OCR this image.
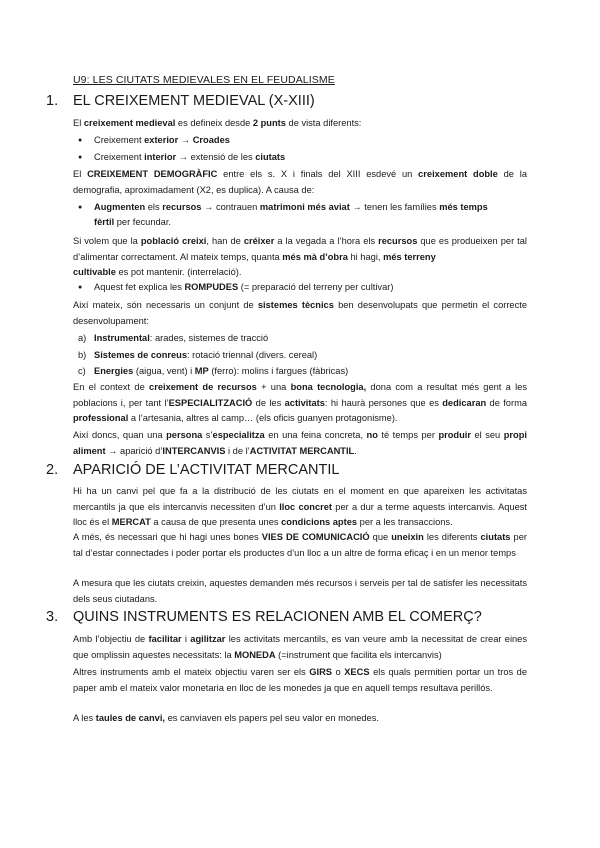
U9: LES CIUTATS MEDIEVALES EN EL FEUDALISME
1. EL CREIXEMENT MEDIEVAL (X-XIII)
El creixement medieval es defineix desde 2 punts de vista diferents:
● Creixement exterior → Croades
● Creixement interior → extensió de les ciutats
El CREIXEMENT DEMOGRÀFIC entre els s. X i finals del XIII esdevé un creixement doble de la demografia, aproximadament (X2, es duplica). A causa de:
● Augmenten els recursos → contrauen matrimoni més aviat → tenen les famílies més temps
fèrtil per fecundar.
Si volem que la població creixi, han de créixer a la vegada a l’hora els recursos que es produeixen per tal d’alimentar correctament. Al mateix temps, quanta més mà d’obra hi hagi, més terreny
cultivable es pot mantenir. (interrelació).
● Aquest fet explica les ROMPUDES (= preparació del terreny per cultivar)
Així mateix, són necessaris un conjunt de sistemes tècnics ben desenvolupats que permetin el correcte desenvolupament:
a) Instrumental: arades, sistemes de tracció
b) Sistemes de conreus: rotació triennal (divers. cereal)
c) Energies (aigua, vent) i MP (ferro): molins i fargues (fàbricas)
En el context de creixement de recursos + una bona tecnologia, dona com a resultat més gent a les poblacions i, per tant l’ESPECIALITZACIÓ de les activitats: hi haurà persones que es dedicaran de forma professional a l’artesania, altres al camp… (els oficis guanyen protagonisme).
Així doncs, quan una persona s’especialitza en una feina concreta, no té temps per produir el seu propi aliment → aparició d’INTERCANVIS i de l’ACTIVITAT MERCANTIL.
2. APARICIÓ DE L’ACTIVITAT MERCANTIL
Hi ha un canvi pel que fa a la distribució de les ciutats en el moment en que apareixen les activitatas mercantils ja que els intercanvis necessiten d’un lloc concret per a dur a terme aquests intercanvis. Aquest lloc és el MERCAT a causa de que presenta unes condicions aptes per a les transaccions.
A més, és necessari que hi hagi unes bones VIES DE COMUNICACIÓ que uneixin les diferents ciutats per tal d’estar connectades i poder portar els productes d’un lloc a un altre de forma eficaç i en un menor temps
A mesura que les ciutats creixin, aquestes demanden més recursos i serveis per tal de satisfer les necessitats dels seus ciutadans.
3. QUINS INSTRUMENTS ES RELACIONEN AMB EL COMERÇ?
Amb l’objectiu de facilitar i agilitzar les activitats mercantils, es van veure amb la necessitat de crear eines que omplissin aquestes necessitats: la MONEDA (=instrument que facilita els intercanvis)
Altres instruments amb el mateix objectiu varen ser els GIRS o XECS els quals permitien portar un tros de paper amb el mateix valor monetaria en lloc de les monedes ja que en aquell temps resultava perillós.
A les taules de canvi, es canviaven els papers pel seu valor en monedes.
